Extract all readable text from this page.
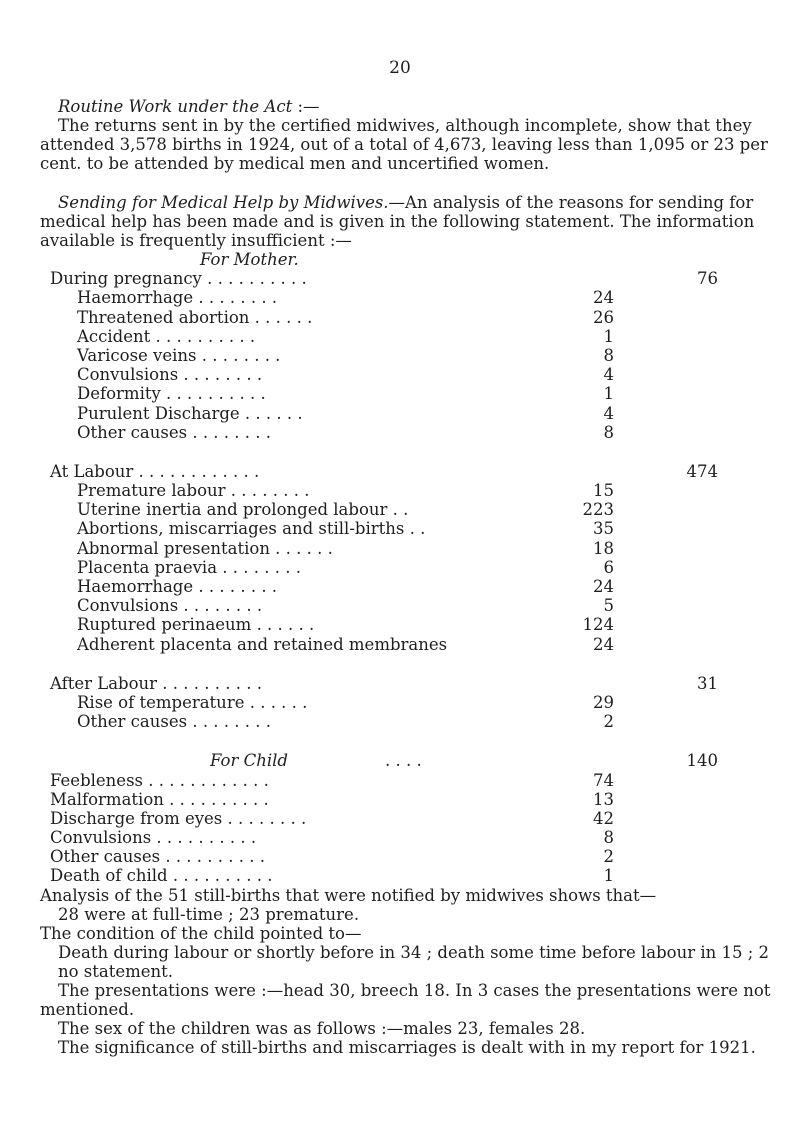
20

Routine Work under the Act :—

The returns sent in by the certified midwives, although incomplete, show that they attended 3,578 births in 1924, out of a total of 4,673, leaving less than 1,095 or 23 per cent. to be attended by medical men and uncertified women.

Sending for Medical Help by Midwives.—An analysis of the reasons for sending for medical help has been made and is given in the following statement. The information available is frequently insufficient :—

For Mother.
During pregnancy . . . . . . . . . .	76
Haemorrhage . . . . . . . .	24
Threatened abortion . . . . . .	26
Accident . . . . . . . . . .	1
Varicose veins . . . . . . . .	8
Convulsions . . . . . . . .	4
Deformity . . . . . . . . . .	1
Purulent Discharge . . . . . .	4
Other causes . . . . . . . .	8
At Labour . . . . . . . . . . . .	474
Premature labour . . . . . . . .	15
Uterine inertia and prolonged labour . .	223
Abortions, miscarriages and still-births . .	35
Abnormal presentation . . . . . .	18
Placenta praevia . . . . . . . .	6
Haemorrhage . . . . . . . .	24
Convulsions . . . . . . . .	5
Ruptured perinaeum . . . . . .	124
Adherent placenta and retained membranes	24
After Labour . . . . . . . . . .	31
Rise of temperature . . . . . .	29
Other causes . . . . . . . .	2
For Child	. . . .	140
Feebleness . . . . . . . . . . . .	74
Malformation . . . . . . . . . .	13
Discharge from eyes . . . . . . . .	42
Convulsions . . . . . . . . . .	8
Other causes . . . . . . . . . .	2
Death of child . . . . . . . . . .	1

Analysis of the 51 still-births that were notified by midwives shows that—

28 were at full-time ; 23 premature.

The condition of the child pointed to—

Death during labour or shortly before in 34 ; death some time before labour in 15 ; 2 no statement.

The presentations were :—head 30, breech 18. In 3 cases the presentations were not mentioned.

The sex of the children was as follows :—males 23, females 28.

The significance of still-births and miscarriages is dealt with in my report for 1921.
